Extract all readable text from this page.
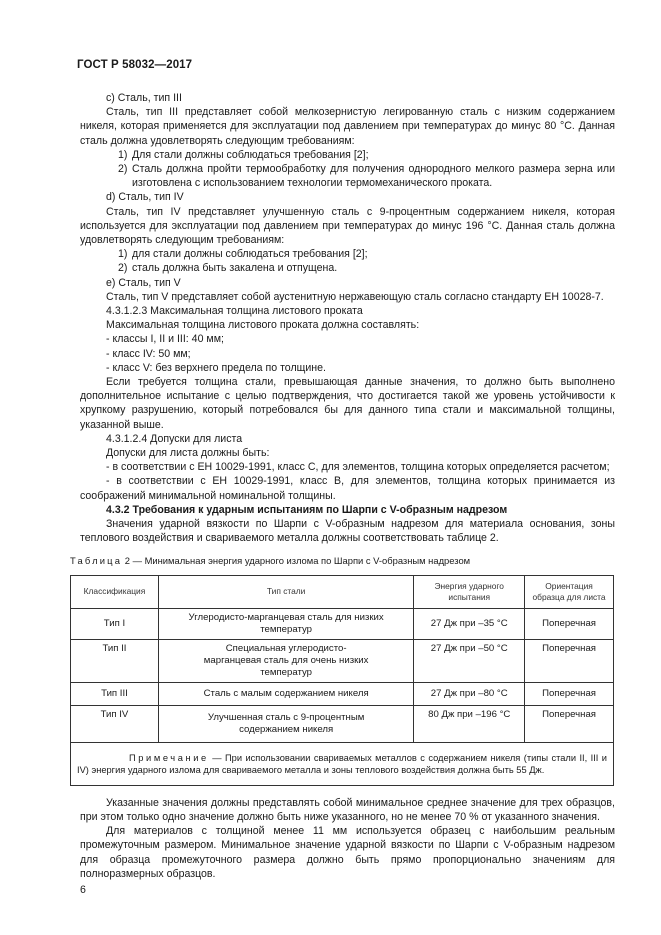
ГОСТ Р 58032—2017

с) Сталь, тип III

Сталь, тип III представляет собой мелкозернистую легированную сталь с низким содержанием никеля, которая применяется для эксплуатации под давлением при температурах до минус 80 °С. Данная сталь должна удовлетворять следующим требованиям:

1) Для стали должны соблюдаться требования [2];

2) Сталь должна пройти термообработку для получения однородного мелкого размера зерна или изготовлена с использованием технологии термомеханического проката.

d) Сталь, тип IV

Сталь, тип IV представляет улучшенную сталь с 9-процентным содержанием никеля, которая используется для эксплуатации под давлением при температурах до минус 196 °С. Данная сталь должна удовлетворять следующим требованиям:

1) для стали должны соблюдаться требования [2];

2) сталь должна быть закалена и отпущена.

е) Сталь, тип V

Сталь, тип V представляет собой аустенитную нержавеющую сталь согласно стандарту ЕН 10028-7.

4.3.1.2.3 Максимальная толщина листового проката

Максимальная толщина листового проката должна составлять:

- классы I, II и III: 40 мм;

- класс IV: 50 мм;

- класс V: без верхнего предела по толщине.

Если требуется толщина стали, превышающая данные значения, то должно быть выполнено дополнительное испытание с целью подтверждения, что достигается такой же уровень устойчивости к хрупкому разрушению, который потребовался бы для данного типа стали и максимальной толщины, указанной выше.

4.3.1.2.4 Допуски для листа

Допуски для листа должны быть:

- в соответствии с ЕН 10029-1991, класс С, для элементов, толщина которых определяется расчетом;

- в соответствии с ЕН 10029-1991, класс В, для элементов, толщина которых принимается из соображений минимальной номинальной толщины.

4.3.2 Требования к ударным испытаниям по Шарпи с V-образным надрезом

Значения ударной вязкости по Шарпи с V-образным надрезом для материала основания, зоны теплового воздействия и свариваемого металла должны соответствовать таблице 2.

Таблица 2 — Минимальная энергия ударного излома по Шарпи с V-образным надрезом
Классификация	Тип стали	Энергия ударного испытания	Ориентация образца для листа
Тип I	Углеродисто-марганцевая сталь для низких температур	27 Дж при –35 °С	Поперечная
Тип II	Специальная углеродисто-марганцевая сталь для очень низких температур	27 Дж при –50 °С	Поперечная
Тип III	Сталь с малым содержанием никеля	27 Дж при –80 °С	Поперечная
Тип IV	Улучшенная сталь с 9-процентным содержанием никеля	80 Дж при –196 °С	Поперечная
Примечание — При использовании свариваемых металлов с содержанием никеля (типы стали II, III и IV) энергия ударного излома для свариваемого металла и зоны теплового воздействия должна быть 55 Дж.			

Указанные значения должны представлять собой минимальное среднее значение для трех образцов, при этом только одно значение должно быть ниже указанного, но не менее 70 % от указанного значения.

Для материалов с толщиной менее 11 мм используется образец с наибольшим реальным промежуточным размером. Минимальное значение ударной вязкости по Шарпи с V-образным надрезом для образца промежуточного размера должно быть прямо пропорционально значениям для полноразмерных образцов.

6
